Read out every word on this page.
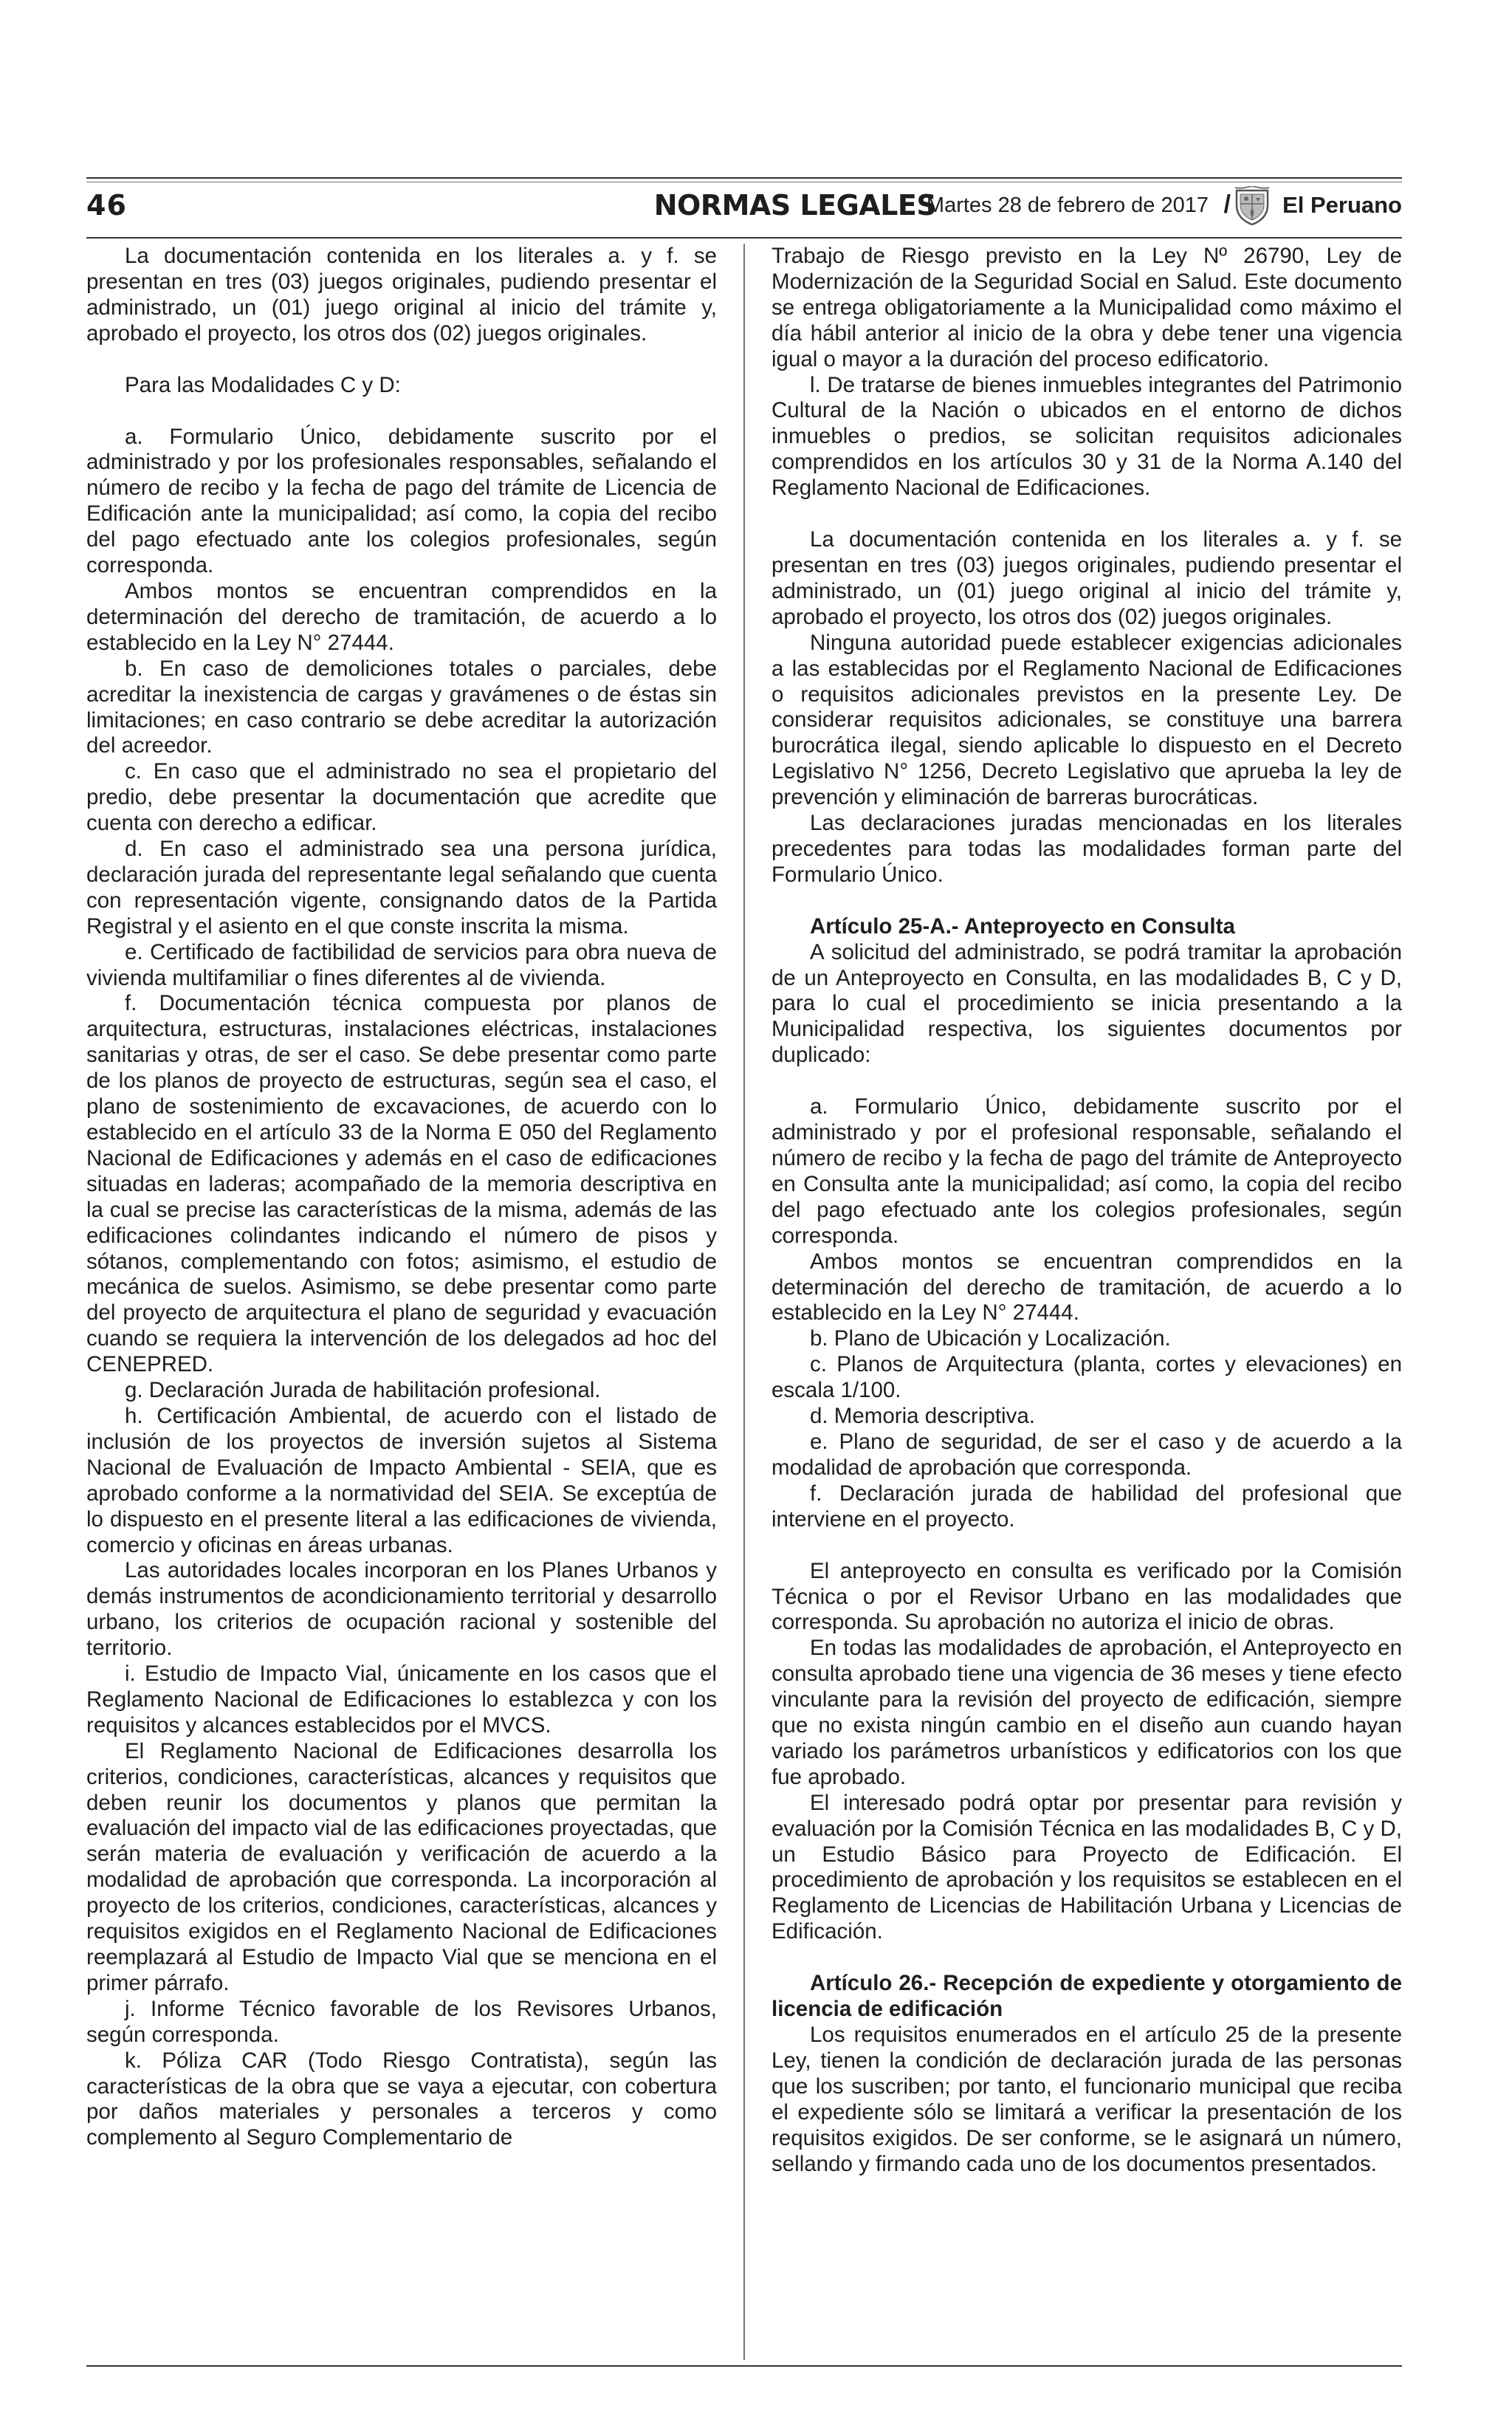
46	NORMAS LEGALES
Martes 28 de febrero de 2017 / El Peruano

La documentación contenida en los literales a. y f. se presentan en tres (03) juegos originales, pudiendo presentar el administrado, un (01) juego original al inicio del trámite y, aprobado el proyecto, los otros dos (02) juegos originales.

Para las Modalidades C y D:

a. Formulario Único, debidamente suscrito por el administrado y por los profesionales responsables, señalando el número de recibo y la fecha de pago del trámite de Licencia de Edificación ante la municipalidad; así como, la copia del recibo del pago efectuado ante los colegios profesionales, según corresponda.

Ambos montos se encuentran comprendidos en la determinación del derecho de tramitación, de acuerdo a lo establecido en la Ley N° 27444.

b. En caso de demoliciones totales o parciales, debe acreditar la inexistencia de cargas y gravámenes o de éstas sin limitaciones; en caso contrario se debe acreditar la autorización del acreedor.

c. En caso que el administrado no sea el propietario del predio, debe presentar la documentación que acredite que cuenta con derecho a edificar.

d. En caso el administrado sea una persona jurídica, declaración jurada del representante legal señalando que cuenta con representación vigente, consignando datos de la Partida Registral y el asiento en el que conste inscrita la misma.

e. Certificado de factibilidad de servicios para obra nueva de vivienda multifamiliar o fines diferentes al de vivienda.

f. Documentación técnica compuesta por planos de arquitectura, estructuras, instalaciones eléctricas, instalaciones sanitarias y otras, de ser el caso. Se debe presentar como parte de los planos de proyecto de estructuras, según sea el caso, el plano de sostenimiento de excavaciones, de acuerdo con lo establecido en el artículo 33 de la Norma E 050 del Reglamento Nacional de Edificaciones y además en el caso de edificaciones situadas en laderas; acompañado de la memoria descriptiva en la cual se precise las características de la misma, además de las edificaciones colindantes indicando el número de pisos y sótanos, complementando con fotos; asimismo, el estudio de mecánica de suelos. Asimismo, se debe presentar como parte del proyecto de arquitectura el plano de seguridad y evacuación cuando se requiera la intervención de los delegados ad hoc del CENEPRED.

g. Declaración Jurada de habilitación profesional.

h. Certificación Ambiental, de acuerdo con el listado de inclusión de los proyectos de inversión sujetos al Sistema Nacional de Evaluación de Impacto Ambiental - SEIA, que es aprobado conforme a la normatividad del SEIA. Se exceptúa de lo dispuesto en el presente literal a las edificaciones de vivienda, comercio y oficinas en áreas urbanas.

Las autoridades locales incorporan en los Planes Urbanos y demás instrumentos de acondicionamiento territorial y desarrollo urbano, los criterios de ocupación racional y sostenible del territorio.

i. Estudio de Impacto Vial, únicamente en los casos que el Reglamento Nacional de Edificaciones lo establezca y con los requisitos y alcances establecidos por el MVCS.

El Reglamento Nacional de Edificaciones desarrolla los criterios, condiciones, características, alcances y requisitos que deben reunir los documentos y planos que permitan la evaluación del impacto vial de las edificaciones proyectadas, que serán materia de evaluación y verificación de acuerdo a la modalidad de aprobación que corresponda. La incorporación al proyecto de los criterios, condiciones, características, alcances y requisitos exigidos en el Reglamento Nacional de Edificaciones reemplazará al Estudio de Impacto Vial que se menciona en el primer párrafo.

j. Informe Técnico favorable de los Revisores Urbanos, según corresponda.

k. Póliza CAR (Todo Riesgo Contratista), según las características de la obra que se vaya a ejecutar, con cobertura por daños materiales y personales a terceros y como complemento al Seguro Complementario de

Trabajo de Riesgo previsto en la Ley Nº 26790, Ley de Modernización de la Seguridad Social en Salud. Este documento se entrega obligatoriamente a la Municipalidad como máximo el día hábil anterior al inicio de la obra y debe tener una vigencia igual o mayor a la duración del proceso edificatorio.

l. De tratarse de bienes inmuebles integrantes del Patrimonio Cultural de la Nación o ubicados en el entorno de dichos inmuebles o predios, se solicitan requisitos adicionales comprendidos en los artículos 30 y 31 de la Norma A.140 del Reglamento Nacional de Edificaciones.

La documentación contenida en los literales a. y f. se presentan en tres (03) juegos originales, pudiendo presentar el administrado, un (01) juego original al inicio del trámite y, aprobado el proyecto, los otros dos (02) juegos originales.

Ninguna autoridad puede establecer exigencias adicionales a las establecidas por el Reglamento Nacional de Edificaciones o requisitos adicionales previstos en la presente Ley. De considerar requisitos adicionales, se constituye una barrera burocrática ilegal, siendo aplicable lo dispuesto en el Decreto Legislativo N° 1256, Decreto Legislativo que aprueba la ley de prevención y eliminación de barreras burocráticas.

Las declaraciones juradas mencionadas en los literales precedentes para todas las modalidades forman parte del Formulario Único.

Artículo 25-A.- Anteproyecto en Consulta

A solicitud del administrado, se podrá tramitar la aprobación de un Anteproyecto en Consulta, en las modalidades B, C y D, para lo cual el procedimiento se inicia presentando a la Municipalidad respectiva, los siguientes documentos por duplicado:

a. Formulario Único, debidamente suscrito por el administrado y por el profesional responsable, señalando el número de recibo y la fecha de pago del trámite de Anteproyecto en Consulta ante la municipalidad; así como, la copia del recibo del pago efectuado ante los colegios profesionales, según corresponda.

Ambos montos se encuentran comprendidos en la determinación del derecho de tramitación, de acuerdo a lo establecido en la Ley N° 27444.

b. Plano de Ubicación y Localización.

c. Planos de Arquitectura (planta, cortes y elevaciones) en escala 1/100.

d. Memoria descriptiva.

e. Plano de seguridad, de ser el caso y de acuerdo a la modalidad de aprobación que corresponda.

f. Declaración jurada de habilidad del profesional que interviene en el proyecto.

El anteproyecto en consulta es verificado por la Comisión Técnica o por el Revisor Urbano en las modalidades que corresponda. Su aprobación no autoriza el inicio de obras.

En todas las modalidades de aprobación, el Anteproyecto en consulta aprobado tiene una vigencia de 36 meses y tiene efecto vinculante para la revisión del proyecto de edificación, siempre que no exista ningún cambio en el diseño aun cuando hayan variado los parámetros urbanísticos y edificatorios con los que fue aprobado.

El interesado podrá optar por presentar para revisión y evaluación por la Comisión Técnica en las modalidades B, C y D, un Estudio Básico para Proyecto de Edificación. El procedimiento de aprobación y los requisitos se establecen en el Reglamento de Licencias de Habilitación Urbana y Licencias de Edificación.

Artículo 26.- Recepción de expediente y otorgamiento de licencia de edificación

Los requisitos enumerados en el artículo 25 de la presente Ley, tienen la condición de declaración jurada de las personas que los suscriben; por tanto, el funcionario municipal que reciba el expediente sólo se limitará a verificar la presentación de los requisitos exigidos. De ser conforme, se le asignará un número, sellando y firmando cada uno de los documentos presentados.
